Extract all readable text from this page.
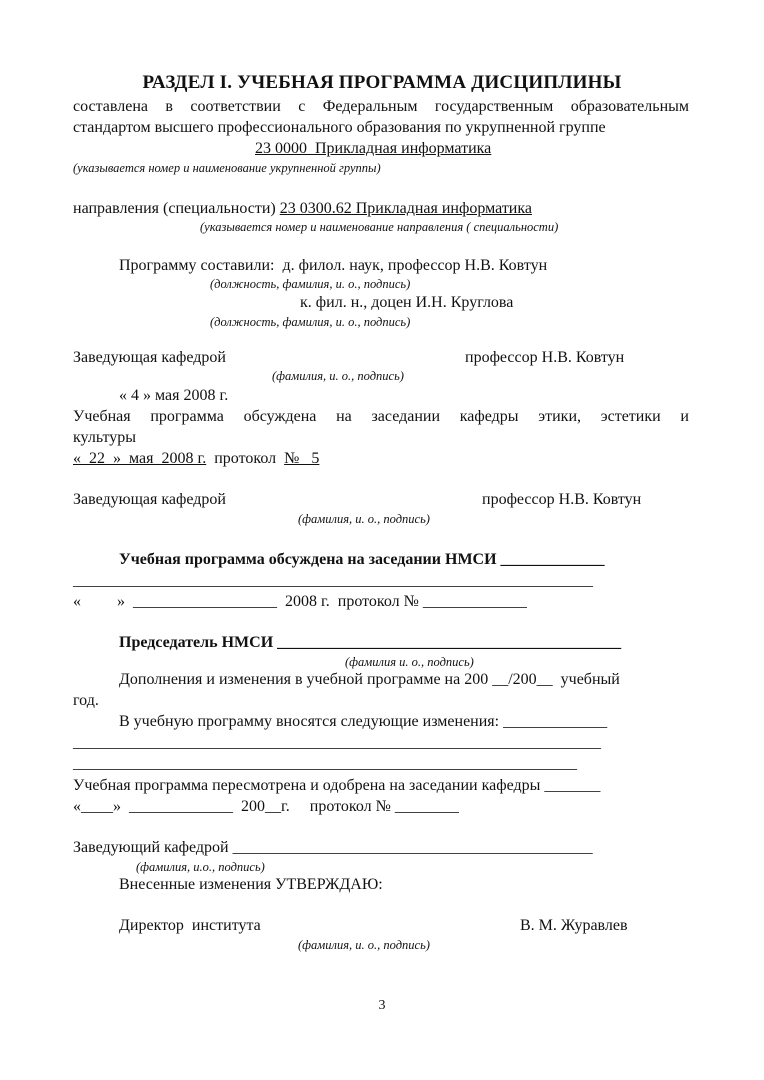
РАЗДЕЛ I. УЧЕБНАЯ ПРОГРАММА ДИСЦИПЛИНЫ
составлена в соответствии с Федеральным государственным образовательным
стандартом высшего профессионального образования по укрупненной группе
23 0000  Прикладная информатика
(указывается номер и наименование укрупненной группы)
направления (специальности) 23 0300.62 Прикладная информатика
(указывается номер и наименование направления ( специальности)
Программу составили:  д. филол. наук, профессор Н.В. Ковтун
(должность, фамилия, и. о., подпись)
к. фил. н., доцен И.Н. Круглова
(должность, фамилия, и. о., подпись)
Заведующая кафедрой	профессор Н.В. Ковтун
(фамилия, и. о., подпись)
« 4 » мая 2008 г.
Учебная программа обсуждена на заседании кафедры этики, эстетики и
культуры
«  22  »  мая  2008 г.  протокол  №   5
Заведующая кафедрой	профессор Н.В. Ковтун
(фамилия, и. о., подпись)
Учебная программа обсуждена на заседании НМСИ _____________
_________________________________________________________________
«         »  __________________  2008 г.  протокол № _____________
Председатель НМСИ ___________________________________________
(фамилия и. о., подпись)
Дополнения и изменения в учебной программе на 200 __/200__  учебный
год.
В учебную программу вносятся следующие изменения: _____________
__________________________________________________________________
_______________________________________________________________
Учебная программа пересмотрена и одобрена на заседании кафедры _______
«____»  _____________  200__г.     протокол № ________
Заведующий кафедрой _____________________________________________
(фамилия, и.о., подпись)
Внесенные изменения УТВЕРЖДАЮ:
Директор  института	В. М. Журавлев
(фамилия, и. о., подпись)
3
